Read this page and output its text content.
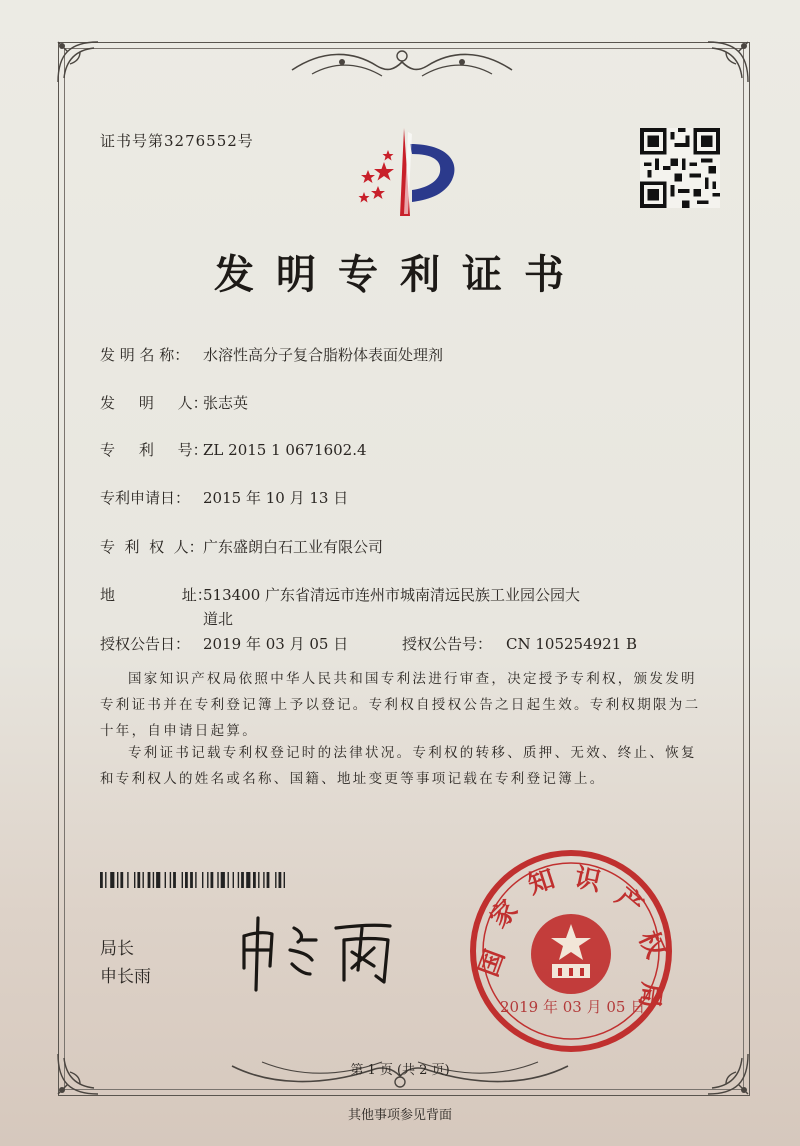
证书号第3276552号
发明专利证书
发 明 名 称： 水溶性高分子复合脂粉体表面处理剂
发     明     人：
张志英
专     利     号：
ZL 2015 1 0671602.4
专利申请日： 2015 年 10 月 13 日
专  利  权  人： 广东盛朗白石工业有限公司
地              址：
513400 广东省清远市连州市城南清远民族工业园公园大
道北
授权公告日： 2019 年 03 月 05 日	授权公告号： CN 105254921 B
国家知识产权局依照中华人民共和国专利法进行审查，决定授予专利权，颁发发明专利证书并在专利登记簿上予以登记。专利权自授权公告之日起生效。专利权期限为二十年，自申请日起算。
专利证书记载专利权登记时的法律状况。专利权的转移、质押、无效、终止、恢复和专利权人的姓名或名称、国籍、地址变更等事项记载在专利登记簿上。
局长
申长雨	国
家
知 识
产
权
局
2019 年 03 月 05 日
第 1 页 (共 2 页)
其他事项参见背面
